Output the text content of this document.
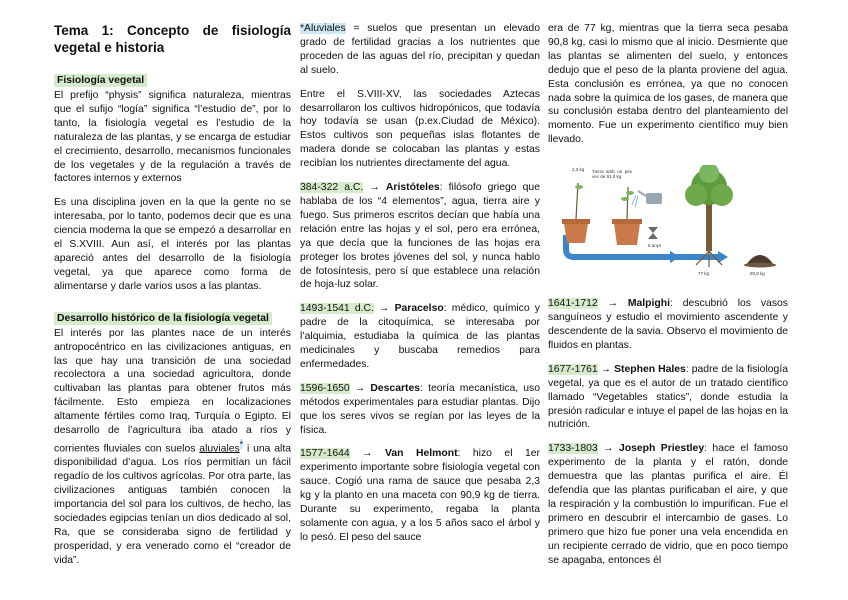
Tema 1: Concepto de fisiología vegetal e historia
Fisiología vegetal

El prefijo “physis” significa naturaleza, mientras que el sufijo “logía” significa “l’estudio de”, por lo tanto, la fisiología vegetal es l’estudio de la naturaleza de las plantas, y se encarga de estudiar el crecimiento, desarrollo, mecanismos funcionales de los vegetales y de la regulación a través de factores internos y externos

Es una disciplina joven en la que la gente no se interesaba, por lo tanto, podemos decir que es una ciencia moderna la que se empezó a desarrollar en el S.XVIII. Aun así, el interés por las plantas apareció antes del desarrollo de la fisiología vegetal, ya que aparece como forma de alimentarse y darle varios usos a las plantas.

Desarrollo histórico de la fisiología vegetal

El interés por las plantes nace de un interés antropocéntrico en las civilizaciones antiguas, en las que hay una transición de una sociedad recolectora a una sociedad agricultora, donde cultivaban las plantas para obtener frutos más fácilmente. Esto empieza en localizaciones altamente fértiles como Iraq, Turquía o Egipto. El desarrollo de l’agricultura iba atado a ríos y corrientes fluviales con suelos aluviales* i una alta disponibilidad d’agua. Los ríos permitían un fácil regadío de los cultivos agrícolas. Por otra parte, las civilizaciones antiguas también conocen la importancia del sol para los cultivos, de hecho, las sociedades egipcias tenían un dios dedicado al sol, Ra, que se consideraba signo de fertilidad y prosperidad, y era venerado como el “creador de vida”.

*Aluviales = suelos que presentan un elevado grado de fertilidad gracias a los nutrientes que proceden de las aguas del río, precipitan y quedan al suelo.

Entre el S.VIII-XV, las sociedades Aztecas desarrollaron los cultivos hidropónicos, que todavía hoy todavía se usan (p.ex.Ciudad de México). Estos cultivos son pequeñas islas flotantes de madera donde se colocaban las plantas y estas recibían los nutrientes directamente del agua.

384-322 a.C. → Aristóteles: filósofo griego que hablaba de los “4 elementos”, agua, tierra aire y fuego. Sus primeros escritos decían que había una relación entre las hojas y el sol, pero era errónea, ya que decía que la funciones de las hojas era proteger los brotes jóvenes del sol, y nunca hablo de fotosíntesis, pero sí que establece una relación de hoja-luz solar.

1493-1541 d.C. → Paracelso: médico, químico y padre de la citoquímica, se interesaba por l’alquimia, estudiaba la química de las plantas medicinales y buscaba remedios para enfermedades.

1596-1650 → Descartes: teoría mecanística, uso métodos experimentales para estudiar plantas. Dijo que los seres vivos se regían por las leyes de la física.

1577-1644 → Van Helmont: hizo el 1er experimento importante sobre fisiología vegetal con sauce. Cogió una rama de sauce que pesaba 2,3 kg y la planto en una maceta con 90,9 kg de tierra. Durante su experimento, regaba la planta solamente con agua, y a los 5 años saco el árbol y lo pesó. El peso del sauce

era de 77 kg, mientras que la tierra seca pesaba 90,8 kg, casi lo mismo que al inicio. Desmiente que las plantas se alimenten del suelo, y entonces dedujo que el peso de la planta proviene del agua. Esta conclusión es errónea, ya que no conocen nada sobre la química de los gases, de manera que su conclusión estaba dentro del planteamiento del momento. Fue un experimento científico muy bien llevado.

2,3 kg Tierra amb un pes vec de 91,0 kg
5 anys
77 kg	90,8 kg

1641-1712 → Malpighi: descubrió los vasos sanguíneos y estudio el movimiento ascendente y descendente de la savia. Observo el movimiento de fluidos en plantas.

1677-1761 → Stephen Hales: padre de la fisiología vegetal, ya que es el autor de un tratado científico llamado “Vegetables statics”, donde estudia la presión radicular e intuye el papel de las hojas en la nutrición.

1733-1803 → Joseph Priestley: hace el famoso experimento de la planta y el ratón, donde demuestra que las plantas purifica el aire. Él defendía que las plantas purificaban el aire, y que la respiración y la combustión lo impurifican. Fue el primero en descubrir el intercambio de gases. Lo primero que hizo fue poner una vela encendida en un recipiente cerrado de vidrio, que en poco tiempo se apagaba, entonces él
